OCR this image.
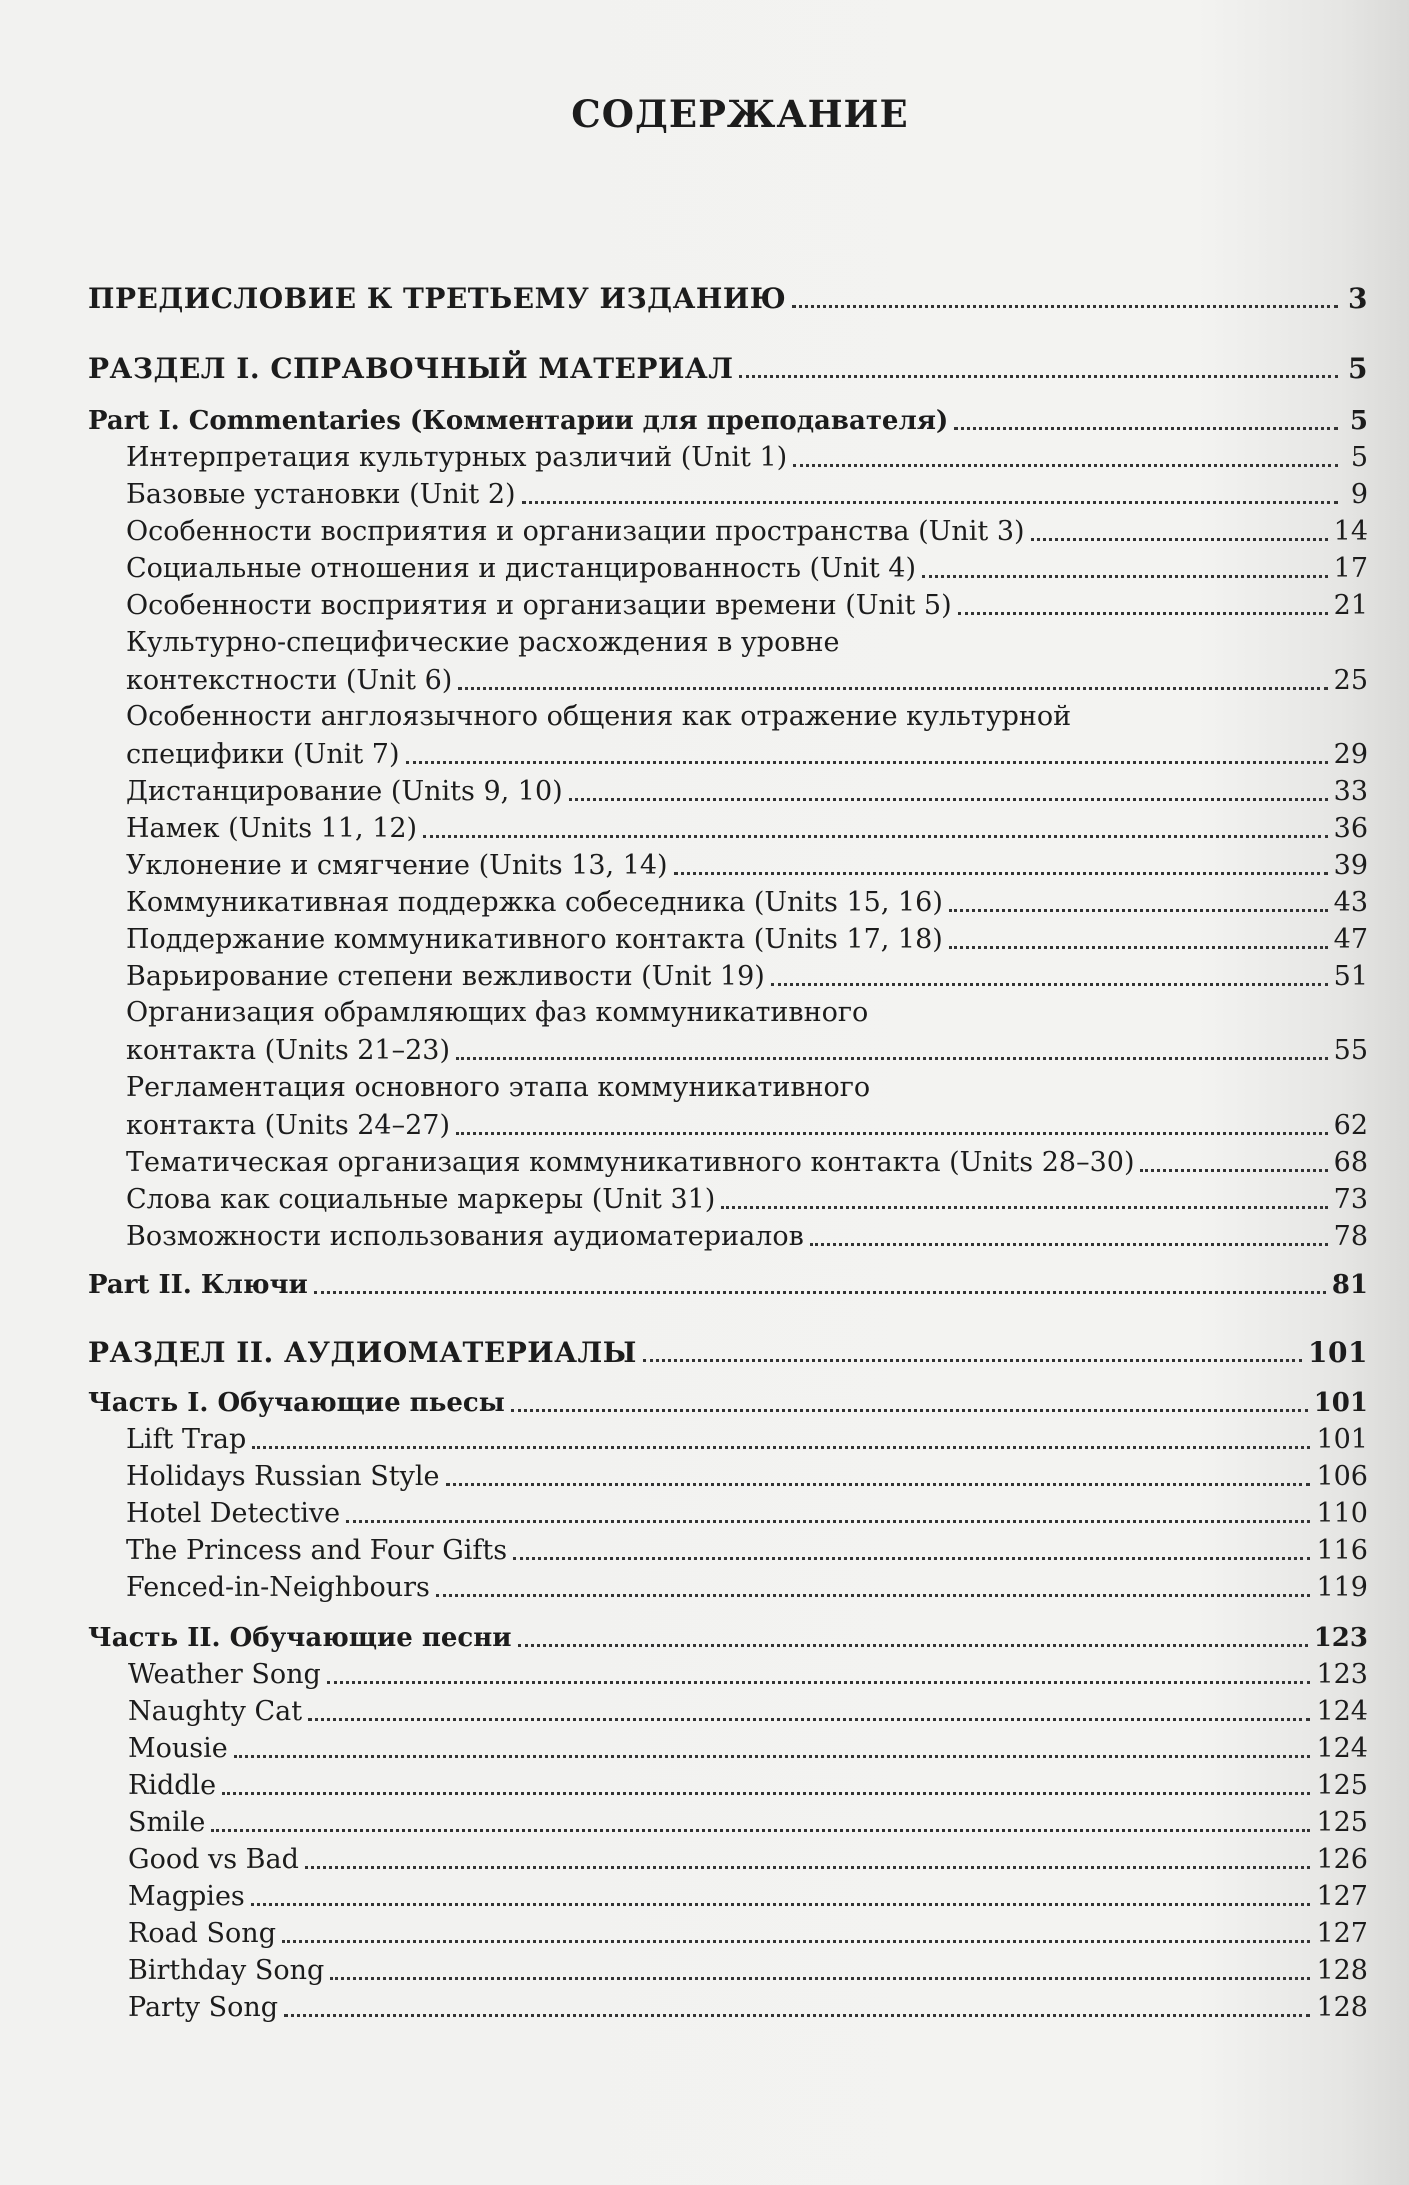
СОДЕРЖАНИЕ
ПРЕДИСЛОВИЕ К ТРЕТЬЕМУ ИЗДАНИЮ	3
РАЗДЕЛ I. СПРАВОЧНЫЙ МАТЕРИАЛ	5
Part I. Commentaries (Комментарии для преподавателя)	5
Интерпретация культурных различий (Unit 1)	5
Базовые установки (Unit 2)	9
Особенности восприятия и организации пространства (Unit 3)	14
Социальные отношения и дистанцированность (Unit 4)	17
Особенности восприятия и организации времени (Unit 5)	21
Культурно-специфические расхождения в уровне
контекстности (Unit 6)	25
Особенности англоязычного общения как отражение культурной
специфики (Unit 7)	29
Дистанцирование (Units 9, 10)	33
Намек (Units 11, 12)	36
Уклонение и смягчение (Units 13, 14)	39
Коммуникативная поддержка собеседника (Units 15, 16)	43
Поддержание коммуникативного контакта (Units 17, 18)	47
Варьирование степени вежливости (Unit 19)	51
Организация обрамляющих фаз коммуникативного
контакта (Units 21–23)	55
Регламентация основного этапа коммуникативного
контакта (Units 24–27)	62
Тематическая организация коммуникативного контакта (Units 28–30)	68
Слова как социальные маркеры (Unit 31)	73
Возможности использования аудиоматериалов	78
Part II. Ключи	81
РАЗДЕЛ II. АУДИОМАТЕРИАЛЫ	101
Часть I. Обучающие пьесы	101
Lift Trap	101
Holidays Russian Style	106
Hotel Detective	110
The Princess and Four Gifts	116
Fenced-in-Neighbours	119
Часть II. Обучающие песни	123
Weather Song	123
Naughty Cat	124
Mousie	124
Riddle	125
Smile	125
Good vs Bad	126
Magpies	127
Road Song	127
Birthday Song	128
Party Song	128
